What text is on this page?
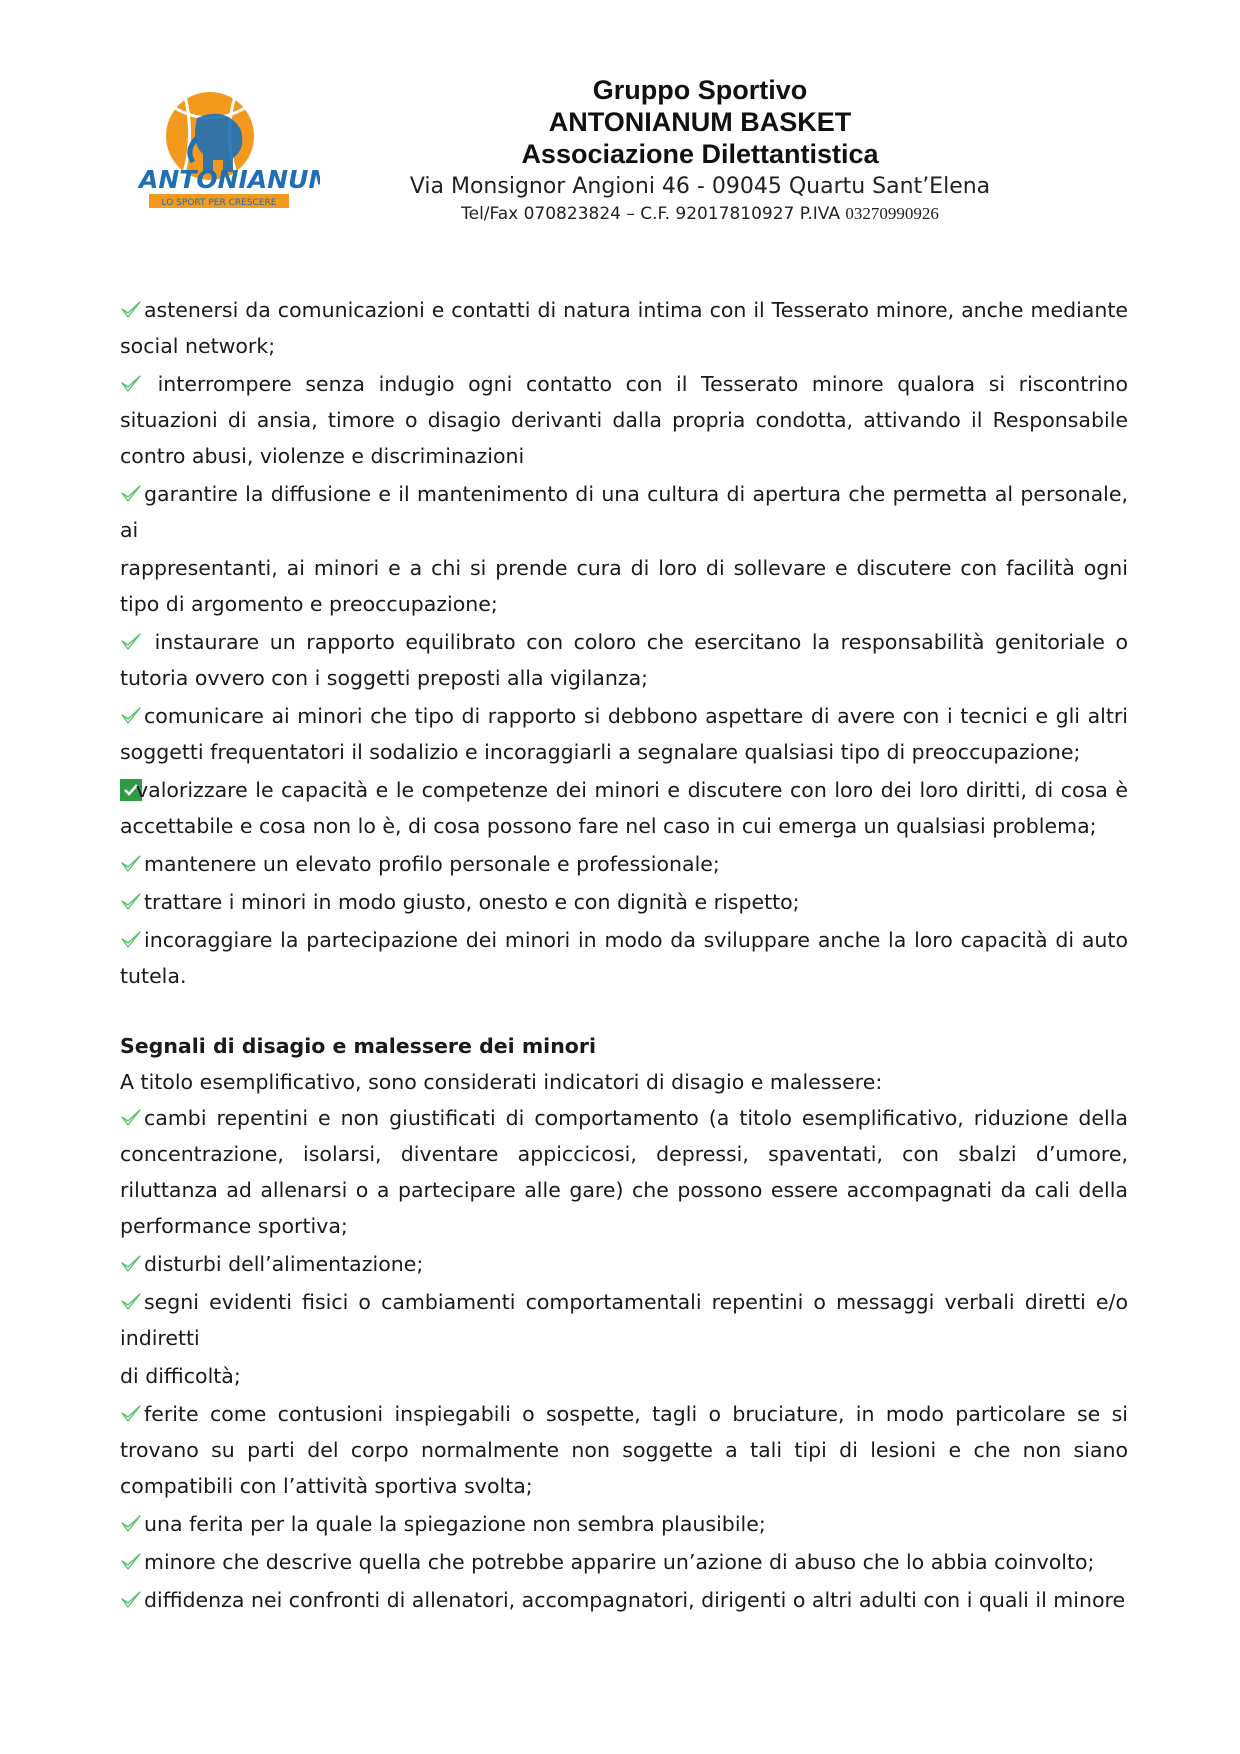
ANTONIANUM
LO SPORT PER CRESCERE
Gruppo Sportivo
ANTONIANUM BASKET
Associazione Dilettantistica
Via Monsignor Angioni 46 - 09045 Quartu Sant’Elena
Tel/Fax 070823824 – C.F. 92017810927 P.IVA 03270990926
astenersi da comunicazioni e contatti di natura intima con il Tesserato minore, anche mediante social network;
interrompere senza indugio ogni contatto con il Tesserato minore qualora si riscontrino situazioni di ansia, timore o disagio derivanti dalla propria condotta, attivando il Responsabile contro abusi, violenze e discriminazioni
garantire la diffusione e il mantenimento di una cultura di apertura che permetta al personale, ai
rappresentanti, ai minori e a chi si prende cura di loro di sollevare e discutere con facilità ogni tipo di argomento e preoccupazione;
instaurare un rapporto equilibrato con coloro che esercitano la responsabilità genitoriale o tutoria ovvero con i soggetti preposti alla vigilanza;
comunicare ai minori che tipo di rapporto si debbono aspettare di avere con i tecnici e gli altri soggetti frequentatori il sodalizio e incoraggiarli a segnalare qualsiasi tipo di preoccupazione;
valorizzare le capacità e le competenze dei minori e discutere con loro dei loro diritti, di cosa è accettabile e cosa non lo è, di cosa possono fare nel caso in cui emerga un qualsiasi problema;
mantenere un elevato profilo personale e professionale;
trattare i minori in modo giusto, onesto e con dignità e rispetto;
incoraggiare la partecipazione dei minori in modo da sviluppare anche la loro capacità di auto tutela.
Segnali di disagio e malessere dei minori
A titolo esemplificativo, sono considerati indicatori di disagio e malessere:
cambi repentini e non giustificati di comportamento (a titolo esemplificativo, riduzione della concentrazione, isolarsi, diventare appiccicosi, depressi, spaventati, con sbalzi d’umore, riluttanza ad allenarsi o a partecipare alle gare) che possono essere accompagnati da cali della performance sportiva;
disturbi dell’alimentazione;
segni evidenti fisici o cambiamenti comportamentali repentini o messaggi verbali diretti e/o indiretti
di difficoltà;
ferite come contusioni inspiegabili o sospette, tagli o bruciature, in modo particolare se si trovano su parti del corpo normalmente non soggette a tali tipi di lesioni e che non siano compatibili con l’attività sportiva svolta;
una ferita per la quale la spiegazione non sembra plausibile;
minore che descrive quella che potrebbe apparire un’azione di abuso che lo abbia coinvolto;
diffidenza nei confronti di allenatori, accompagnatori, dirigenti o altri adulti con i quali il minore
